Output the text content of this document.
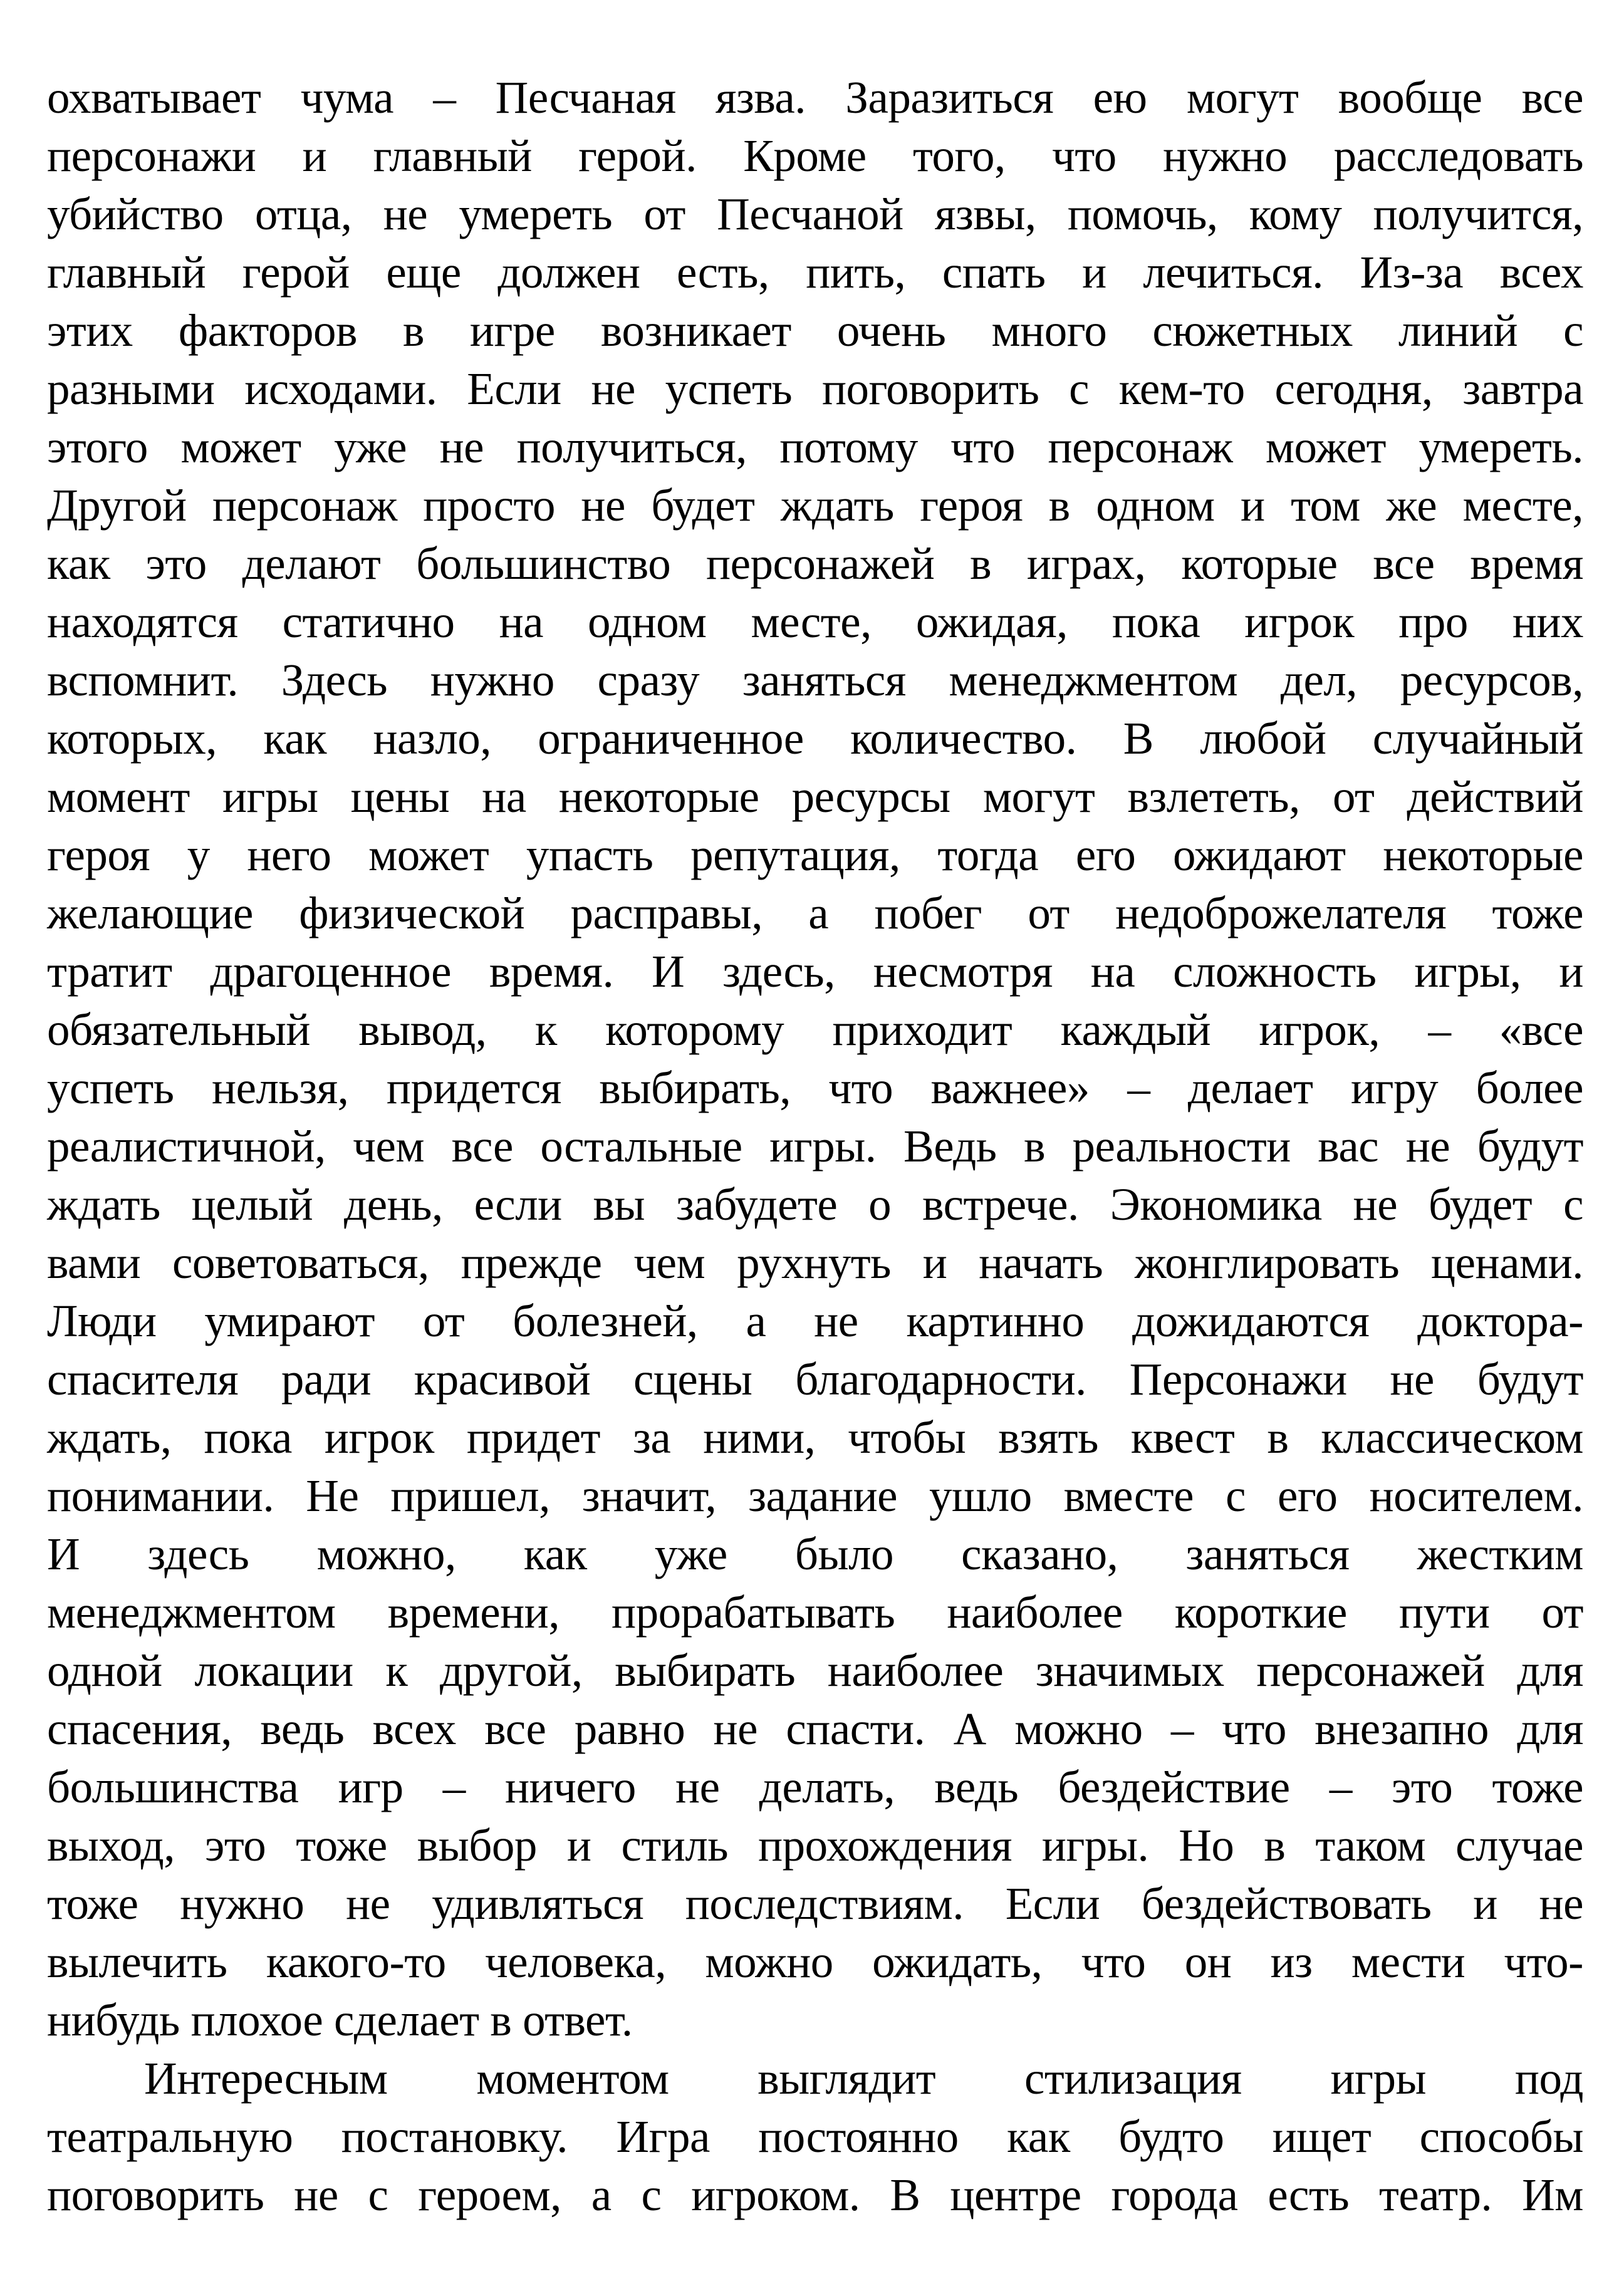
охватывает чума – Песчаная язва. Заразиться ею могут вообще все
персонажи и главный герой. Кроме того, что нужно расследовать
убийство отца, не умереть от Песчаной язвы, помочь, кому получится,
главный герой еще должен есть, пить, спать и лечиться. Из-за всех
этих факторов в игре возникает очень много сюжетных линий с
разными исходами. Если не успеть поговорить с кем-то сегодня, завтра
этого может уже не получиться, потому что персонаж может умереть.
Другой персонаж просто не будет ждать героя в одном и том же месте,
как это делают большинство персонажей в играх, которые все время
находятся статично на одном месте, ожидая, пока игрок про них
вспомнит. Здесь нужно сразу заняться менеджментом дел, ресурсов,
которых, как назло, ограниченное количество. В любой случайный
момент игры цены на некоторые ресурсы могут взлететь, от действий
героя у него может упасть репутация, тогда его ожидают некоторые
желающие физической расправы, а побег от недоброжелателя тоже
тратит драгоценное время. И здесь, несмотря на сложность игры, и
обязательный вывод, к которому приходит каждый игрок, – «все
успеть нельзя, придется выбирать, что важнее» – делает игру более
реалистичной, чем все остальные игры. Ведь в реальности вас не будут
ждать целый день, если вы забудете о встрече. Экономика не будет с
вами советоваться, прежде чем рухнуть и начать жонглировать ценами.
Люди умирают от болезней, а не картинно дожидаются доктора-
спасителя ради красивой сцены благодарности. Персонажи не будут
ждать, пока игрок придет за ними, чтобы взять квест в классическом
понимании. Не пришел, значит, задание ушло вместе с его носителем.
И здесь можно, как уже было сказано, заняться жестким
менеджментом времени, прорабатывать наиболее короткие пути от
одной локации к другой, выбирать наиболее значимых персонажей для
спасения, ведь всех все равно не спасти. А можно – что внезапно для
большинства игр – ничего не делать, ведь бездействие – это тоже
выход, это тоже выбор и стиль прохождения игры. Но в таком случае
тоже нужно не удивляться последствиям. Если бездействовать и не
вылечить какого-то человека, можно ожидать, что он из мести что-
нибудь плохое сделает в ответ.
Интересным моментом выглядит стилизация игры под
театральную постановку. Игра постоянно как будто ищет способы
поговорить не с героем, а с игроком. В центре города есть театр. Им
